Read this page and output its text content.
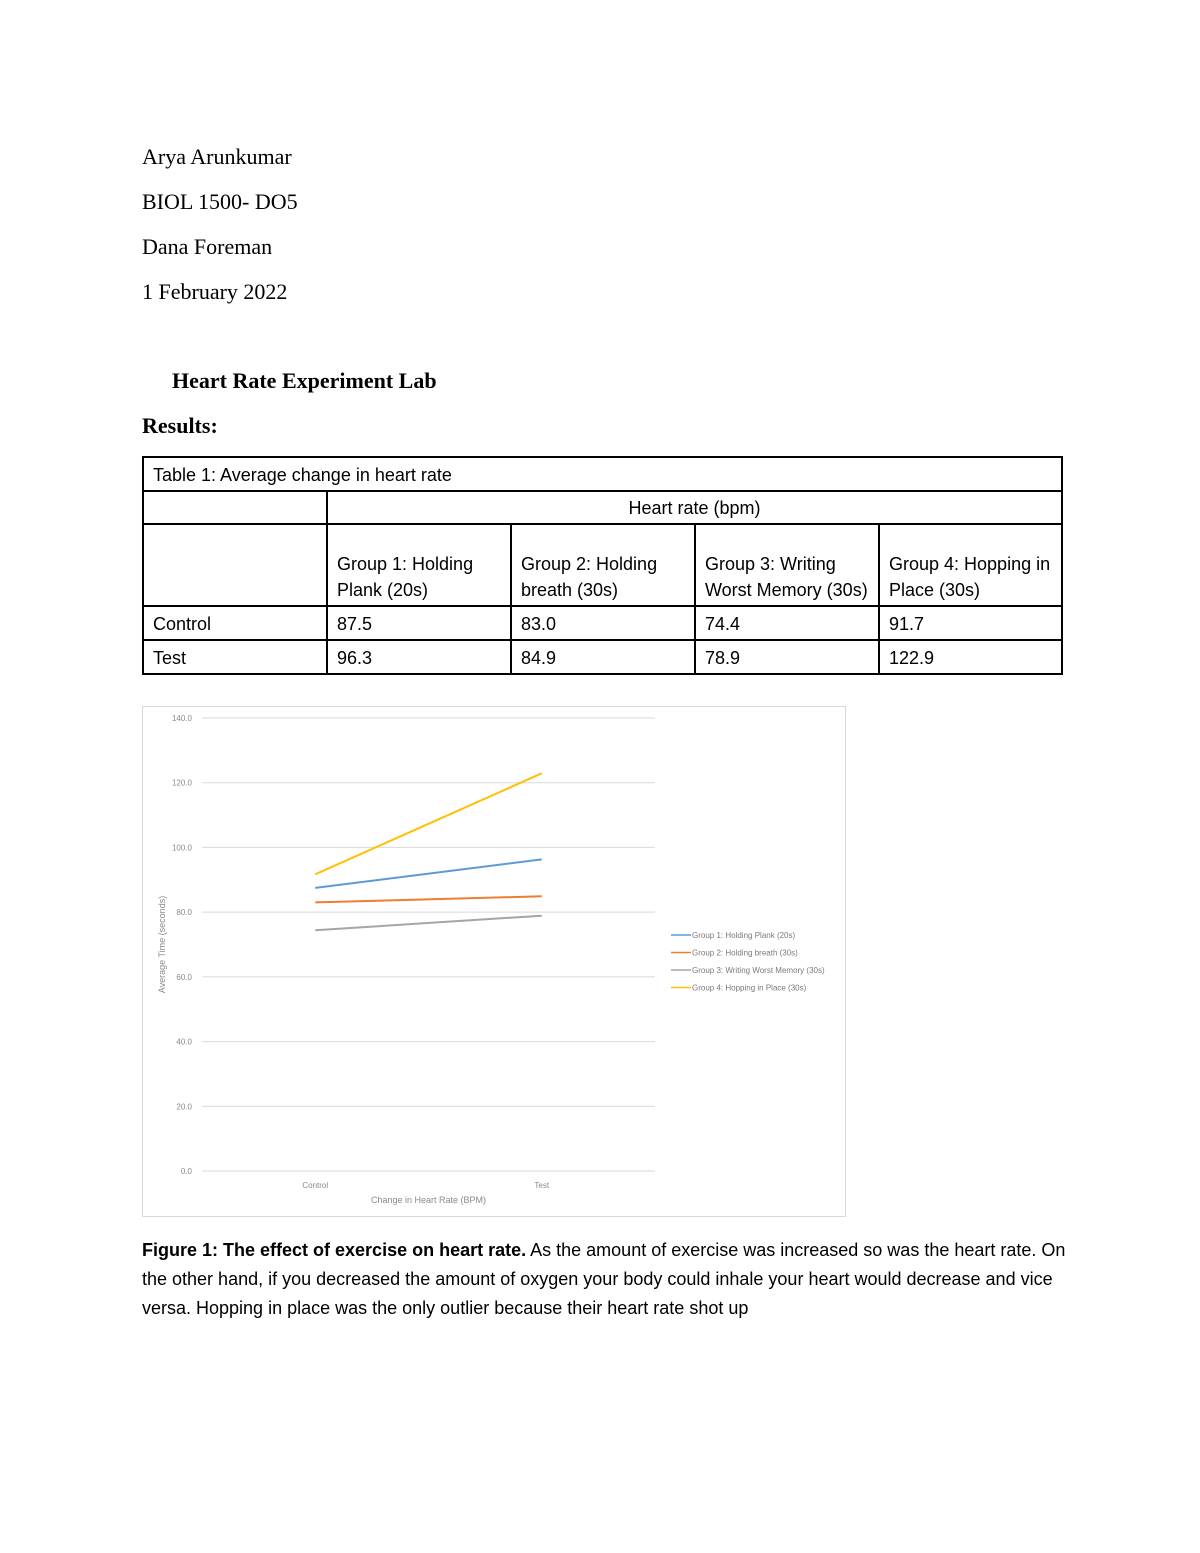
Arya Arunkumar
BIOL 1500- DO5
Dana Foreman
1 February 2022
Heart Rate Experiment Lab
Results:
Table 1: Average change in heart rate				
	Heart rate (bpm)			
	Group 1: Holding Plank (20s)	Group 2: Holding breath (30s)	Group 3: Writing Worst Memory (30s)	Group 4: Hopping in Place (30s)
Control	87.5	83.0	74.4	91.7
Test	96.3	84.9	78.9	122.9
0.0
20.0
40.0
60.0
80.0
100.0
120.0
140.0
Control	Test
Change in Heart Rate (BPM)
Average Time (seconds)	Group 1: Holding Plank (20s)
Group 2: Holding breath (30s)
Group 3: Writing Worst Memory (30s)
Group 4: Hopping in Place (30s)
Figure 1: The effect of exercise on heart rate. As the amount of exercise was increased so was the heart rate. On the other hand, if you decreased the amount of oxygen your body could inhale your heart would decrease and vice versa. Hopping in place was the only outlier because their heart rate shot up
